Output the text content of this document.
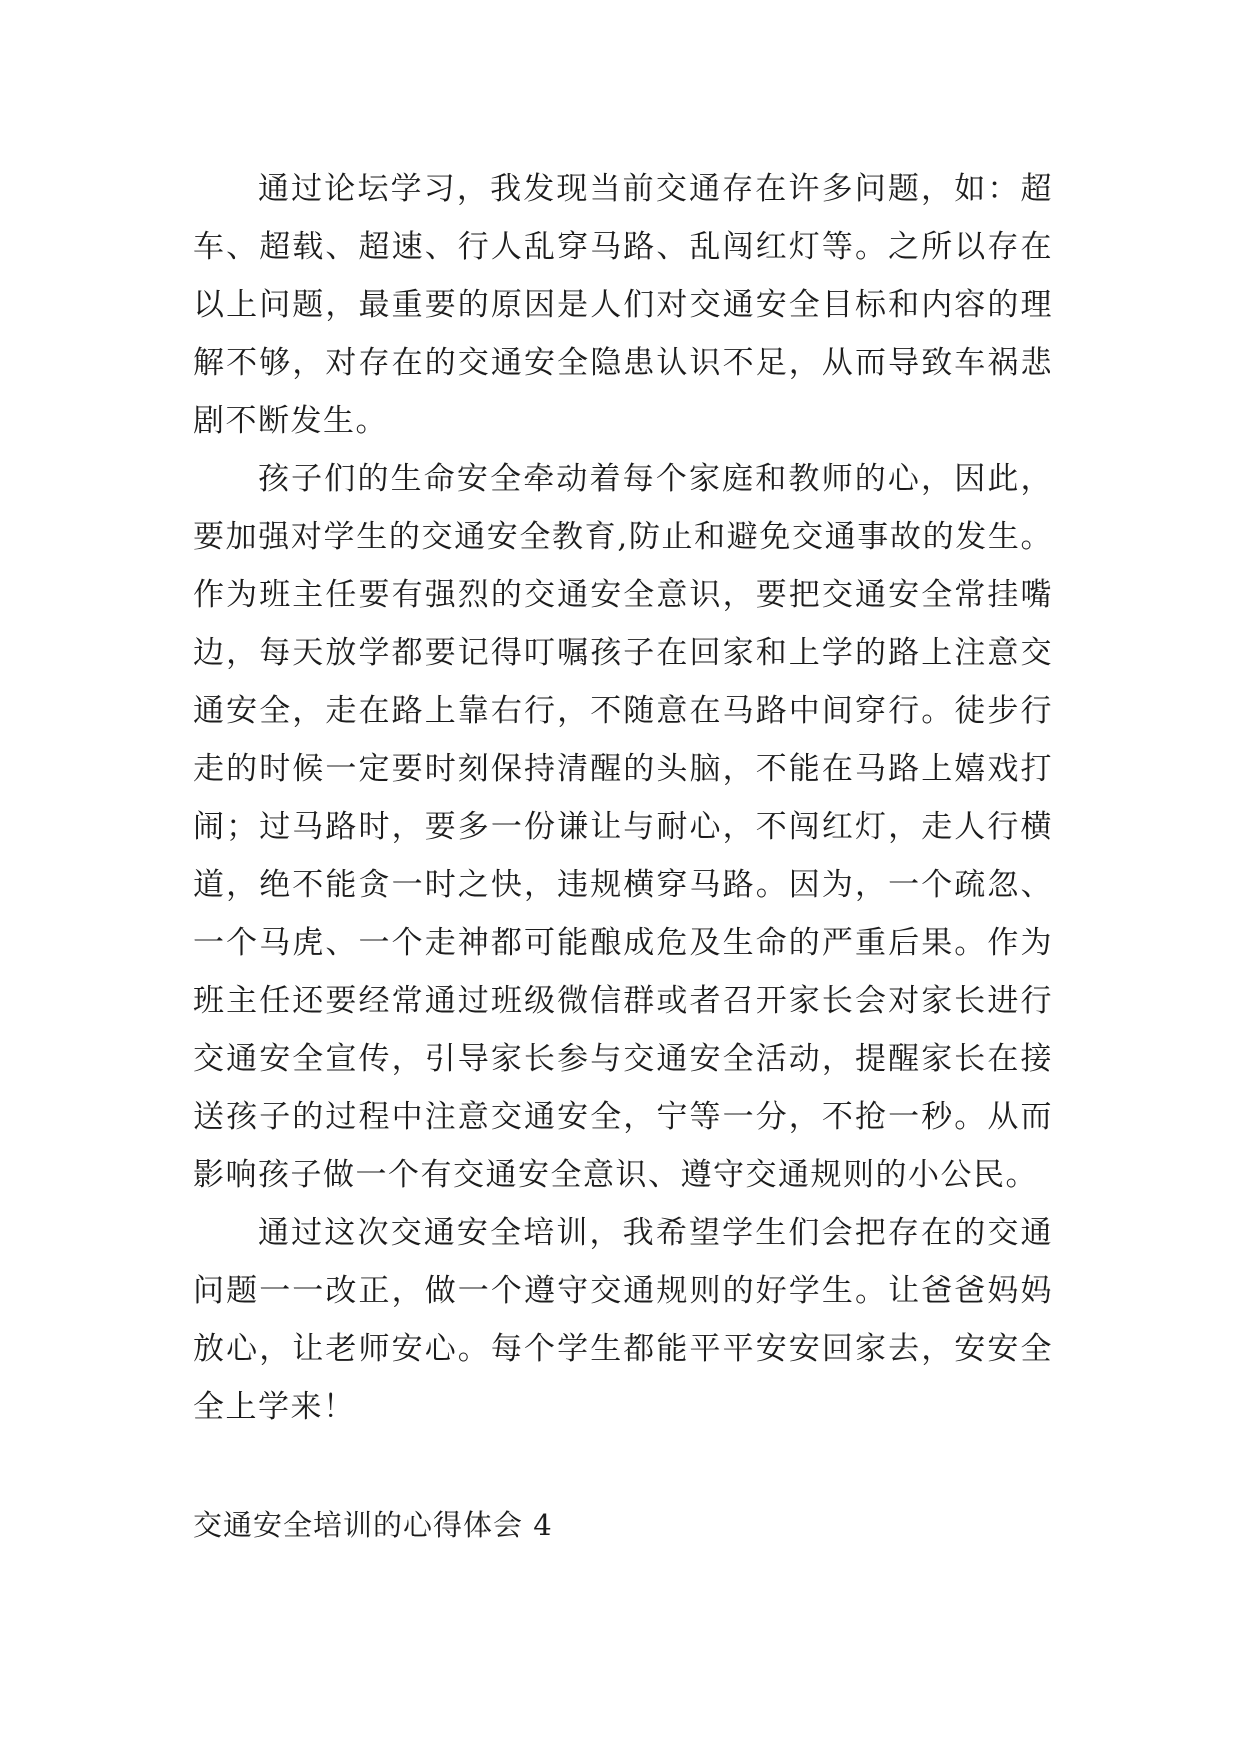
通过论坛学习，我发现当前交通存在许多问题，如：超车、超载、超速、行人乱穿马路、乱闯红灯等。之所以存在以上问题，最重要的原因是人们对交通安全目标和内容的理解不够，对存在的交通安全隐患认识不足，从而导致车祸悲剧不断发生。

孩子们的生命安全牵动着每个家庭和教师的心，因此，要加强对学生的交通安全教育,防止和避免交通事故的发生。作为班主任要有强烈的交通安全意识，要把交通安全常挂嘴边，每天放学都要记得叮嘱孩子在回家和上学的路上注意交通安全，走在路上靠右行，不随意在马路中间穿行。徒步行走的时候一定要时刻保持清醒的头脑，不能在马路上嬉戏打闹；过马路时，要多一份谦让与耐心，不闯红灯，走人行横道，绝不能贪一时之快，违规横穿马路。因为，一个疏忽、一个马虎、一个走神都可能酿成危及生命的严重后果。作为班主任还要经常通过班级微信群或者召开家长会对家长进行交通安全宣传，引导家长参与交通安全活动，提醒家长在接送孩子的过程中注意交通安全，宁等一分，不抢一秒。从而影响孩子做一个有交通安全意识、遵守交通规则的小公民。

通过这次交通安全培训，我希望学生们会把存在的交通问题一一改正，做一个遵守交通规则的好学生。让爸爸妈妈放心，让老师安心。每个学生都能平平安安回家去，安安全全上学来！

交通安全培训的心得体会 4
